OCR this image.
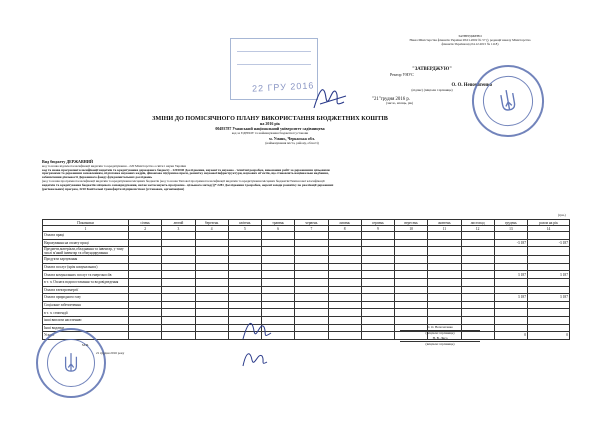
ЗАТВЕРДЖЕНО
Наказ Міністерства фінансів України 28.01.2002 № 57 (у редакції наказу Міністерства
фінансів України від 04.12.2015 № 1118)
"ЗАТВЕРДЖУЮ"
Ректор УНУС
О. О. Непочатенко
(підпис) (ініціали і прізвище)
"21"грудня 2016 р.
(число, місяць, рік)
22 ГРУ 2016
ЗМІНИ ДО ПОМІСЯЧНОГО ПЛАНУ ВИКОРИСТАННЯ БЮДЖЕТНИХ КОШТІВ
на 2016 рік
00493787 Уманський національний університет садівництва
код за ЄДРПОУ та найменування бюджетної установи
м. Умань, Черкаська обл.
(найменування міста, району, області)
Вид бюджету ДЕРЖАВНИЙ
код та назва відомчої класифікації видатків та кредитування - 220 Міністерство освіти і науки України
код та назва програмної класифікації видатків та кредитування державного бюджету - 2201040 Дослідження, наукові та науково - технічні розробки, виконання робіт за державними цільовими
програмами та державним замовленням, підготовка наукових кадрів, фінансова підтримка преси, розвитку наукової інфраструктури, наукових об'єктів, що становлять національне надбання,
забезпечення діяльності Державного фонду фундаментальних досліджень
(код та назва програмної класифікації видатків та кредитування місцевих бюджетів (код та назва Типової програмної класифікації видатків та кредитування місцевих бюджетів/Тимчасової класифікації
видатків та кредитування бюджетів місцевого самоврядування, які не застосовують програмно - цільового методу))* 2281 Дослідження і розробки, окремі заходи розвитку по реалізації державних
(регіональних) програм, 3210 Капітальні трансферти підприємствам (установам, організаціям)
(грн.)
Показники	січень	лютий	березень	квітень	травень	червень	липень	серпень	вересень	жовтень	листопад	грудень	разом на рік
1	2	3	4	5	6	7	8	9	10	11	12	13	14
Оплата праці													
Нарахування на оплату праці												-3 187	-3 187
Предмети,матеріали,обладнання та інвентар, у тому числі м'який інвентар та обмундирування													
Продукти харчування													
Оплата послуг (крім комунальних)													
Оплата комунальних послуг та енергоносіїв												3 187	3 187
в т. ч. Оплата водопостачання та водовідведення													
Оплата електроенергії													
Оплата природного газу												3 187	3 187
Соціальне забезпечення													
в т. ч. стипендії													
інші виплати населенню													
Інші видатки													
Усього												0	0
М.П.
О. О. Непочатенко
(ініціали і прізвище)
Н. В. Лиса
(ініціали і прізвище)
21 грудня 2016 року
